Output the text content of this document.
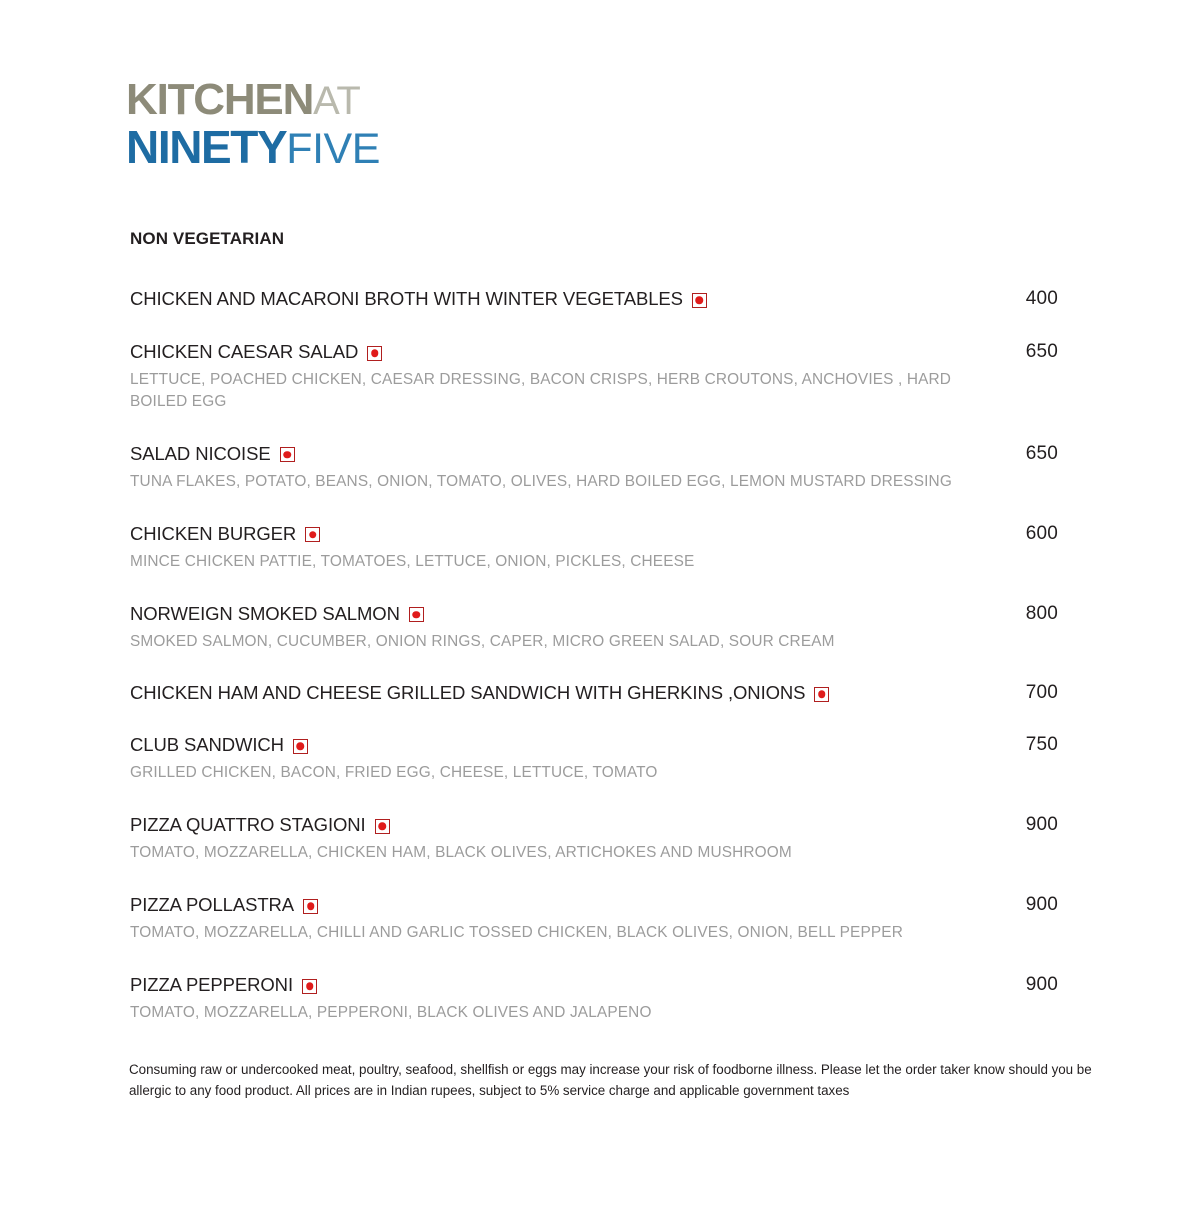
KITCHENAT
NINETYFIVE
NON VEGETARIAN
CHICKEN AND MACARONI BROTH WITH WINTER VEGETABLES	400
CHICKEN CAESAR SALAD	650
LETTUCE, POACHED CHICKEN, CAESAR DRESSING, BACON CRISPS, HERB CROUTONS, ANCHOVIES , HARD BOILED EGG
SALAD NICOISE	650
TUNA FLAKES, POTATO, BEANS, ONION, TOMATO, OLIVES, HARD BOILED EGG, LEMON MUSTARD DRESSING
CHICKEN BURGER	600
MINCE CHICKEN PATTIE, TOMATOES, LETTUCE, ONION, PICKLES, CHEESE
NORWEIGN SMOKED SALMON	800
SMOKED SALMON, CUCUMBER, ONION RINGS, CAPER, MICRO GREEN SALAD, SOUR CREAM
CHICKEN HAM AND CHEESE GRILLED SANDWICH WITH GHERKINS ,ONIONS	700
CLUB SANDWICH	750
GRILLED CHICKEN, BACON, FRIED EGG, CHEESE, LETTUCE, TOMATO
PIZZA QUATTRO STAGIONI	900
TOMATO, MOZZARELLA, CHICKEN HAM, BLACK OLIVES, ARTICHOKES AND MUSHROOM
PIZZA POLLASTRA	900
TOMATO, MOZZARELLA, CHILLI AND GARLIC TOSSED CHICKEN, BLACK OLIVES, ONION, BELL PEPPER
PIZZA PEPPERONI	900
TOMATO, MOZZARELLA, PEPPERONI, BLACK OLIVES AND JALAPENO
Consuming raw or undercooked meat, poultry, seafood, shellfish or eggs may increase your risk of foodborne illness. Please let the order taker know should you be allergic to any food product. All prices are in Indian rupees, subject to 5% service charge and applicable government taxes
